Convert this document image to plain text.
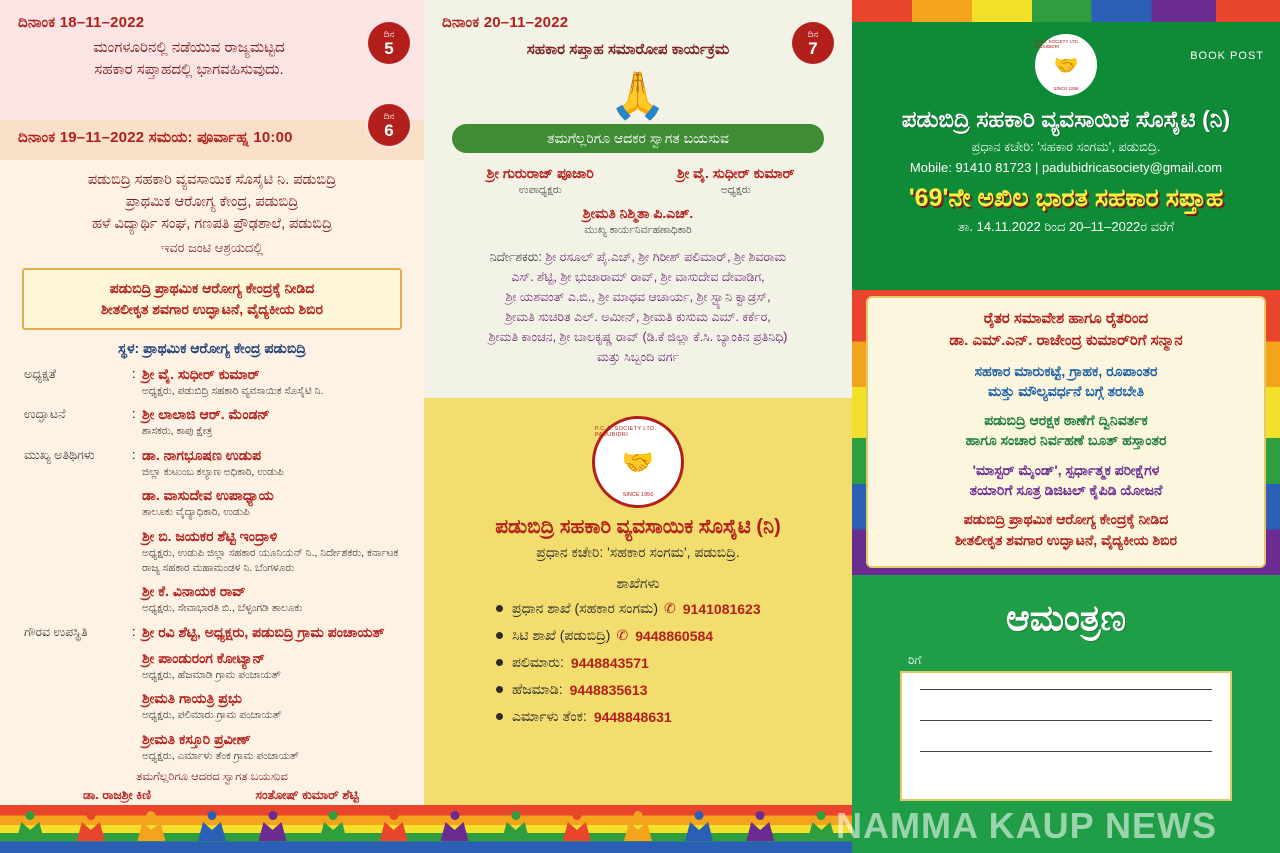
ದಿನಾಂಕ 18–11–2022
ದಿನ
5
ಮಂಗಳೂರಿನಲ್ಲಿ ನಡೆಯುವ ರಾಜ್ಯಮಟ್ಟದ
ಸಹಕಾರ ಸಪ್ತಾಹದಲ್ಲಿ ಭಾಗವಹಿಸುವುದು.
ದಿನಾಂಕ 19–11–2022 ಸಮಯ: ಪೂರ್ವಾಹ್ನ 10:00
ದಿನ
6
ಪಡುಬಿದ್ರಿ ಸಹಕಾರಿ ವ್ಯವಸಾಯಿಕ ಸೊಸೈಟಿ ನಿ. ಪಡುಬಿದ್ರಿ
ಪ್ರಾಥಮಿಕ ಆರೋಗ್ಯ ಕೇಂದ್ರ, ಪಡುಬಿದ್ರಿ
ಹಳೆ ವಿದ್ಯಾರ್ಥಿ ಸಂಘ, ಗಣಪತಿ ಪ್ರೌಢಶಾಲೆ, ಪಡುಬಿದ್ರಿ
ಇವರ ಜಂಟಿ ಆಶ್ರಯದಲ್ಲಿ
ಪಡುಬಿದ್ರಿ ಪ್ರಾಥಮಿಕ ಆರೋಗ್ಯ ಕೇಂದ್ರಕ್ಕೆ ನೀಡಿದ
ಶೀತಲೀಕೃತ ಶವಗಾರ ಉದ್ಘಾಟನೆ, ವೈದ್ಯಕೀಯ ಶಿಬಿರ
ಸ್ಥಳ: ಪ್ರಾಥಮಿಕ ಆರೋಗ್ಯ ಕೇಂದ್ರ ಪಡುಬಿದ್ರಿ
ಅಧ್ಯಕ್ಷತೆ	: ಶ್ರೀ ವೈ. ಸುಧೀರ್ ಕುಮಾರ್
ಅಧ್ಯಕ್ಷರು, ಪಡುಬಿದ್ರಿ ಸಹಕಾರಿ ವ್ಯವಸಾಯಿಕ ಸೊಸೈಟಿ ನಿ.
ಉದ್ಘಾಟನೆ	: ಶ್ರೀ ಲಾಲಾಜಿ ಆರ್. ಮೆಂಡನ್
ಶಾಸಕರು, ಕಾಪು ಕ್ಷೇತ್ರ
ಮುಖ್ಯ ಅತಿಥಿಗಳು	: ಡಾ. ನಾಗಭೂಷಣ ಉಡುಪ
ಜಿಲ್ಲಾ ಕುಟುಂಬ ಕಲ್ಯಾಣ ಅಧಿಕಾರಿ, ಉಡುಪಿ
ಡಾ. ವಾಸುದೇವ ಉಪಾಧ್ಯಾಯ
ತಾಲೂಕು ವೈದ್ಯಾಧಿಕಾರಿ, ಉಡುಪಿ
ಶ್ರೀ ಬಿ. ಜಯಕರ ಶೆಟ್ಟಿ ಇಂದ್ರಾಳಿ
ಅಧ್ಯಕ್ಷರು, ಉಡುಪಿ ಜಿಲ್ಲಾ ಸಹಕಾರ ಯೂನಿಯನ್ ನಿ., ನಿರ್ದೇಶಕರು, ಕರ್ನಾಟಕ ರಾಜ್ಯ ಸಹಕಾರ ಮಹಾಮಂಡಳ ನಿ. ಬೆಂಗಳೂರು
ಶ್ರೀ ಕೆ. ವಿನಾಯಕ ರಾವ್
ಅಧ್ಯಕ್ಷರು, ಸೇವಾಭಾರತಿ ಬಿ., ಬೆಳ್ಳಂಗಡಿ ತಾಲೂಕು
ಗೌರವ ಉಪಸ್ಥಿತಿ	: ಶ್ರೀ ರವಿ ಶೆಟ್ಟಿ, ಅಧ್ಯಕ್ಷರು, ಪಡುಬಿದ್ರಿ ಗ್ರಾಮ ಪಂಚಾಯತ್
ಶ್ರೀ ಪಾಂಡುರಂಗ ಕೋಟ್ಯಾನ್
ಅಧ್ಯಕ್ಷರು, ಹೆಜಮಾಡಿ ಗ್ರಾಮ ಪಂಚಾಯತ್
ಶ್ರೀಮತಿ ಗಾಯತ್ರಿ ಪ್ರಭು
ಅಧ್ಯಕ್ಷರು, ಪಲಿಮಾರು ಗ್ರಾಮ ಪಂಚಾಯತ್
ಶ್ರೀಮತಿ ಕಸ್ತೂರಿ ಪ್ರವೀಣ್
ಅಧ್ಯಕ್ಷರು, ಎರ್ಮಾಳು ತೆಂಕ ಗ್ರಾಮ ಪಂಚಾಯತ್
ತಮಗೆಲ್ಲರಿಗೂ ಆದರದ ಸ್ವಾಗತ ಬಯಸುವ
ಡಾ. ರಾಜಶ್ರೀ ಕಿಣಿ	ಸಂತೋಷ್ ಕುಮಾರ್ ಶೆಟ್ಟಿ
ದಿನಾಂಕ 20–11–2022
ದಿನ
7
ಸಹಕಾರ ಸಪ್ತಾಹ ಸಮಾರೋಪ ಕಾರ್ಯಕ್ರಮ
🙏
ತಮಗೆಲ್ಲರಿಗೂ ಆದಕರ ಸ್ವಾಗತ ಬಯಸುವ
ಶ್ರೀ ಗುರುರಾಜ್ ಪೂಜಾರಿ
ಉಪಾಧ್ಯಕ್ಷರು
ಶ್ರೀ ವೈ. ಸುಧೀರ್ ಕುಮಾರ್
ಅಧ್ಯಕ್ಷರು
ಶ್ರೀಮತಿ ನಿಶ್ಮಿತಾ ಪಿ.ಎಚ್.
ಮುಖ್ಯ ಕಾರ್ಯನಿರ್ವಹಣಾಧಿಕಾರಿ
ನಿರ್ದೇಶಕರು: ಶ್ರೀ ರಸೂಲ್ ಪೈ.ಎಚ್, ಶ್ರೀ ಗಿರೀಶ್ ಪಲಿಮಾರ್, ಶ್ರೀ ಶಿವರಾಮ
ಎಸ್. ಶೆಟ್ಟಿ, ಶ್ರೀ ಭುಜಾರಾಮ್ ರಾವ್, ಶ್ರೀ ವಾಸುದೇವ ದೇವಾಡಿಗ,
ಶ್ರೀ ಯಶವಂತ್ ಎ.ಬಿ., ಶ್ರೀ ಮಾಧವ ಆಚಾರ್ಯ, ಶ್ರೀ ಸ್ಟ್ಯಾನಿ ಕ್ವಾಡ್ರಸ್,
ಶ್ರೀಮತಿ ಸುಚರಿತ ಎಲ್. ಅಮೀನ್, ಶ್ರೀಮತಿ ಕುಸುಮ ಎಮ್. ಕರ್ಕೆರ,
ಶ್ರೀಮತಿ ಕಾಂಚನ, ಶ್ರೀ ಬಾಲಕೃಷ್ಣ ರಾವ್ (ಡಿ.ಕೆ ಜಿಲ್ಲಾ ಕೆ.ಸಿ. ಬ್ಯಾಂಕಿನ ಪ್ರತಿನಿಧಿ)
ಮತ್ತು ಸಿಬ್ಬಂದಿ ವರ್ಗ
P.C.A. SOCIETY LTD. PADUBIDRI
🤝
SINCE 1956
ಪಡುಬಿದ್ರಿ ಸಹಕಾರಿ ವ್ಯವಸಾಯಿಕ ಸೊಸೈಟಿ (ನಿ)
ಪ್ರಧಾನ ಕಚೇರಿ: 'ಸಹಕಾರ ಸಂಗಮ', ಪಡುಬಿದ್ರಿ.
ಶಾಖೆಗಳು
ಪ್ರಧಾನ ಶಾಖೆ (ಸಹಕಾರ ಸಂಗಮ) ✆ 9141081623
ಸಿಟಿ ಶಾಖೆ (ಪಡುಬಿದ್ರಿ) ✆ 9448860584
ಪಲಿಮಾರು: 9448843571
ಹೆಜಮಾಡಿ: 9448835613
ಎರ್ಮಾಳು ತೆಂಕ: 9448848631
BOOK POST
P.C.A. SOCIETY LTD. PADUBIDRI
🤝
SINCE 1956
ಪಡುಬಿದ್ರಿ ಸಹಕಾರಿ ವ್ಯವಸಾಯಿಕ ಸೊಸೈಟಿ (ನಿ)
ಪ್ರಧಾನ ಕಚೇರಿ: 'ಸಹಕಾರ ಸಂಗಮ', ಪಡುಬಿದ್ರಿ.
Mobile: 91410 81723 | padubidricasociety@gmail.com
'69'ನೇ ಅಖಿಲ ಭಾರತ ಸಹಕಾರ ಸಪ್ತಾಹ
ತಾ. 14.11.2022 ರಿಂದ 20–11–2022ರ ವರೆಗೆ
ರೈತರ ಸಮಾವೇಶ ಹಾಗೂ ರೈತರಿಂದ
ಡಾ. ಎಮ್.ಎನ್. ರಾಜೇಂದ್ರ ಕುಮಾರ್‌ರಿಗೆ ಸನ್ಮಾನ
ಸಹಕಾರ ಮಾರುಕಟ್ಟೆ, ಗ್ರಾಹಕ, ರೂಪಾಂತರ
ಮತ್ತು ಮೌಲ್ಯವರ್ಧನೆ ಬಗ್ಗೆ ತರಬೇತಿ
ಪಡುಬಿದ್ರಿ ಆರಕ್ಷಕ ಠಾಣೆಗೆ ದ್ವಿನಿವರ್ತಕ
ಹಾಗೂ ಸಂಚಾರ ನಿರ್ವಹಣೆ ಬೂತ್ ಹಸ್ತಾಂತರ
'ಮಾಸ್ಟರ್ ಮೈಂಡ್', ಸ್ಪರ್ಧಾತ್ಮಕ ಪರೀಕ್ಷೆಗಳ
ತಯಾರಿಗೆ ಸೂತ್ರ ಡಿಜಿಟಲ್ ಕೈಪಿಡಿ ಯೋಜನೆ
ಪಡುಬಿದ್ರಿ ಪ್ರಾಥಮಿಕ ಆರೋಗ್ಯ ಕೇಂದ್ರಕ್ಕೆ ನೀಡಿದ
ಶೀತಲೀಕೃತ ಶವಗಾರ ಉದ್ಘಾಟನೆ, ವೈದ್ಯಕೀಯ ಶಿಬಿರ
ಆಮಂತ್ರಣ
ರಿಗೆ
NAMMA KAUP NEWS
